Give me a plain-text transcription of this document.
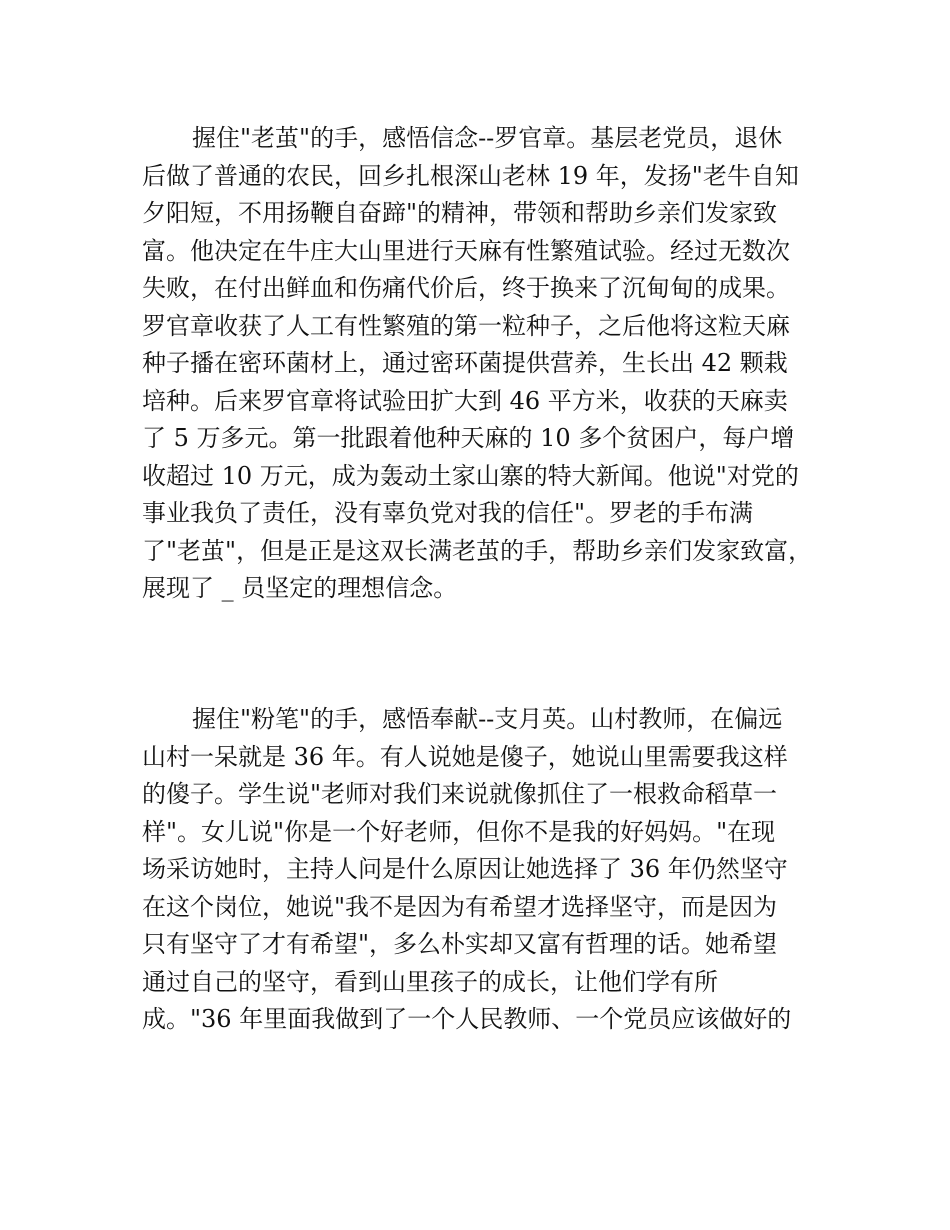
握住"老茧"的手，感悟信念--罗官章。基层老党员，退休
后做了普通的农民，回乡扎根深山老林 19 年，发扬"老牛自知
夕阳短，不用扬鞭自奋蹄"的精神，带领和帮助乡亲们发家致
富。他决定在牛庄大山里进行天麻有性繁殖试验。经过无数次
失败，在付出鲜血和伤痛代价后，终于换来了沉甸甸的成果。
罗官章收获了人工有性繁殖的第一粒种子，之后他将这粒天麻
种子播在密环菌材上，通过密环菌提供营养，生长出 42 颗栽
培种。后来罗官章将试验田扩大到 46 平方米，收获的天麻卖
了 5 万多元。第一批跟着他种天麻的 10 多个贫困户，每户增
收超过 10 万元，成为轰动土家山寨的特大新闻。他说"对党的
事业我负了责任，没有辜负党对我的信任"。罗老的手布满
了"老茧"，但是正是这双长满老茧的手，帮助乡亲们发家致富，
展现了 _ 员坚定的理想信念。
握住"粉笔"的手，感悟奉献--支月英。山村教师，在偏远
山村一呆就是 36 年。有人说她是傻子，她说山里需要我这样
的傻子。学生说"老师对我们来说就像抓住了一根救命稻草一
样"。女儿说"你是一个好老师，但你不是我的好妈妈。"在现
场采访她时，主持人问是什么原因让她选择了 36 年仍然坚守
在这个岗位，她说"我不是因为有希望才选择坚守，而是因为
只有坚守了才有希望"，多么朴实却又富有哲理的话。她希望
通过自己的坚守，看到山里孩子的成长，让他们学有所
成。"36 年里面我做到了一个人民教师、一个党员应该做好的
